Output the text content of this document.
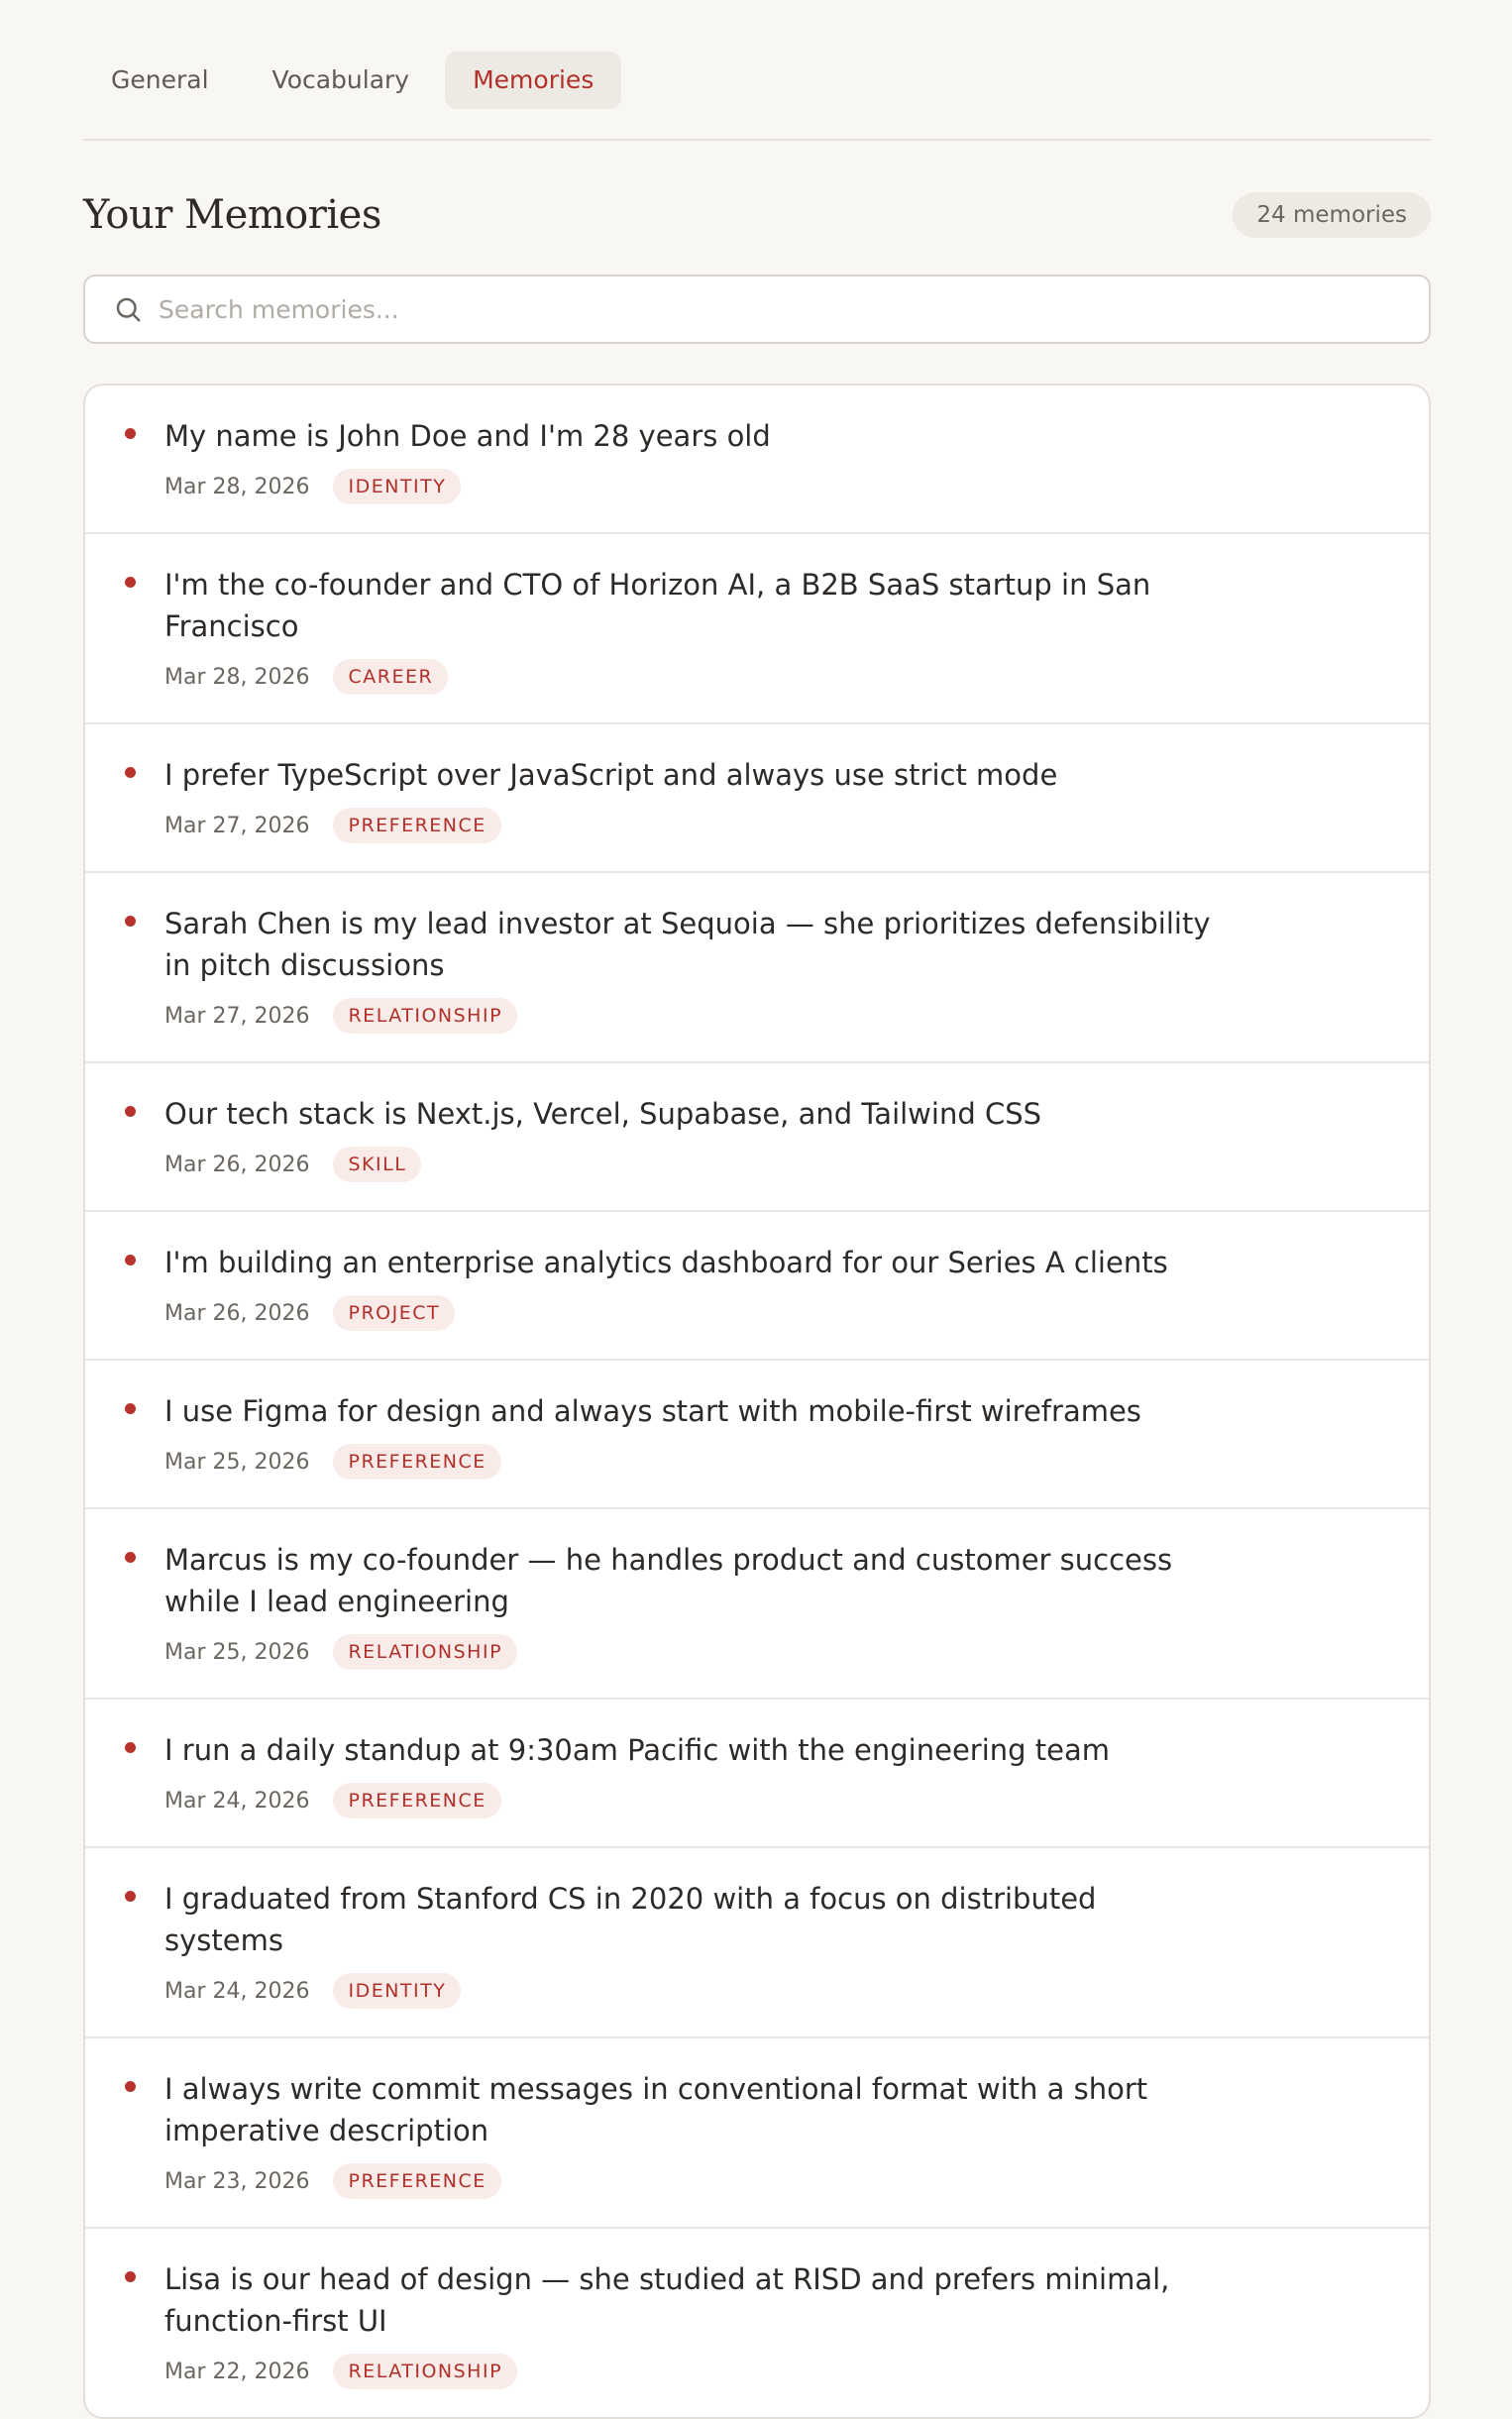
General	Vocabulary	Memories
Your Memories	24 memories
Search memories...
My name is John Doe and I'm 28 years old
Mar 28, 2026	IDENTITY
I'm the co-founder and CTO of Horizon AI, a B2B SaaS startup in San Francisco
Mar 28, 2026	CAREER
I prefer TypeScript over JavaScript and always use strict mode
Mar 27, 2026	PREFERENCE
Sarah Chen is my lead investor at Sequoia — she prioritizes defensibility in pitch discussions
Mar 27, 2026	RELATIONSHIP
Our tech stack is Next.js, Vercel, Supabase, and Tailwind CSS
Mar 26, 2026	SKILL
I'm building an enterprise analytics dashboard for our Series A clients
Mar 26, 2026	PROJECT
I use Figma for design and always start with mobile-first wireframes
Mar 25, 2026	PREFERENCE
Marcus is my co-founder — he handles product and customer success while I lead engineering
Mar 25, 2026	RELATIONSHIP
I run a daily standup at 9:30am Pacific with the engineering team
Mar 24, 2026	PREFERENCE
I graduated from Stanford CS in 2020 with a focus on distributed systems
Mar 24, 2026	IDENTITY
I always write commit messages in conventional format with a short imperative description
Mar 23, 2026	PREFERENCE
Lisa is our head of design — she studied at RISD and prefers minimal, function-first UI
Mar 22, 2026	RELATIONSHIP
